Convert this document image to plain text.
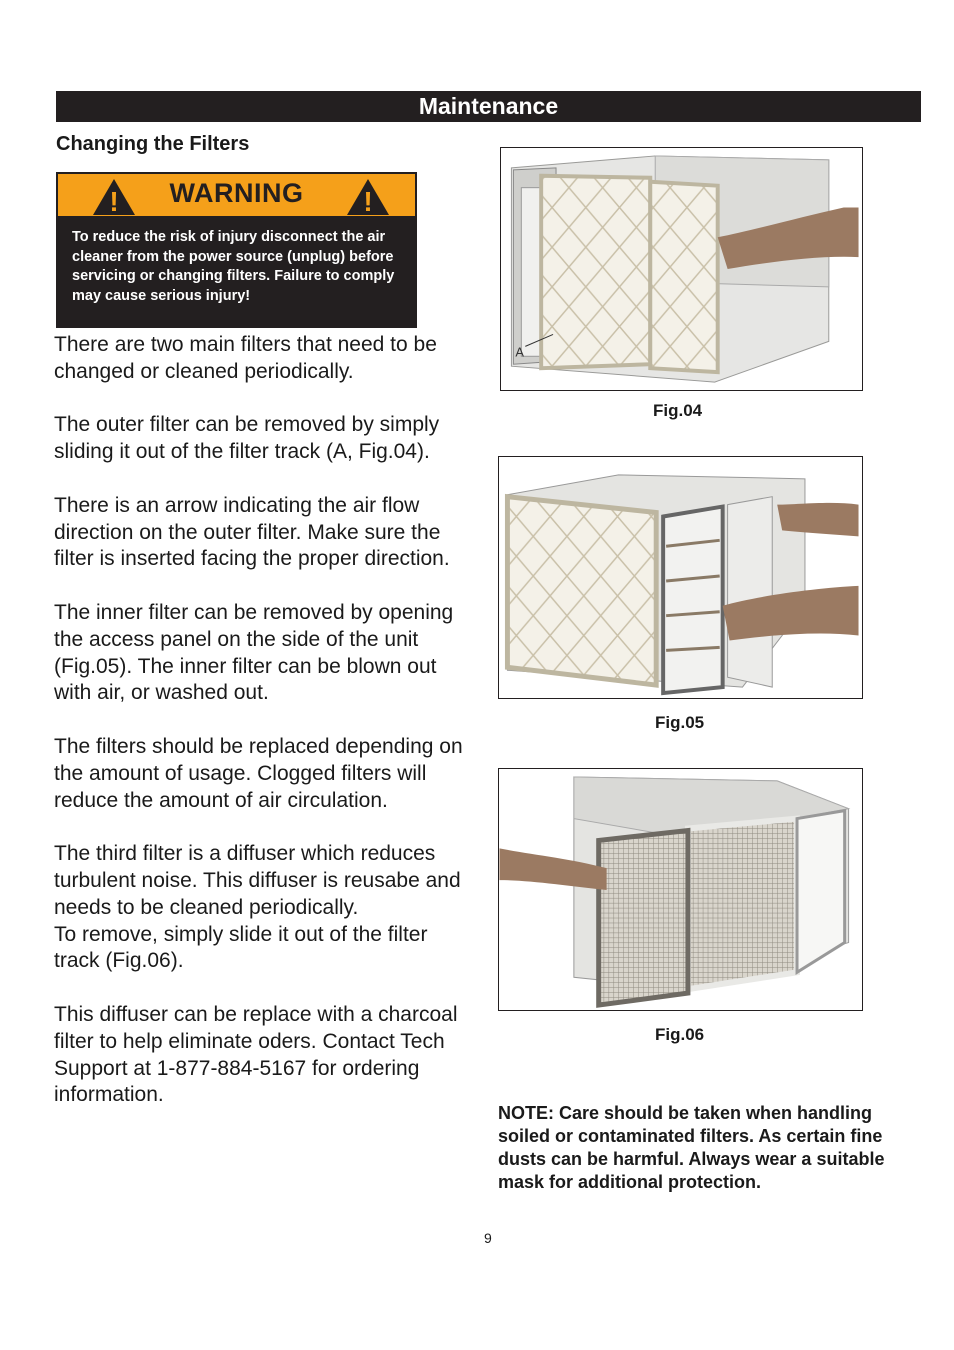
Maintenance
Changing the Filters
!	WARNING	!
To reduce the risk of injury disconnect the air cleaner from the power source (unplug) before servicing or changing filters. Failure to comply may cause serious injury!

There are two main filters that need to be changed or cleaned periodically.

The outer filter can be removed by simply sliding it out of the filter track (A, Fig.04).

There is an arrow indicating the air flow direction on the outer filter. Make sure the filter is inserted facing the proper direction.

The inner filter can be removed by opening the access panel on the side of the unit (Fig.05). The inner filter can be blown out with air, or washed out.

The filters should be replaced depending on the amount of usage. Clogged filters will reduce the amount of air circulation.

The third filter is a diffuser which reduces turbulent noise. This diffuser is reusabe and needs to be cleaned periodically.
To remove, simply slide it out of the filter track (Fig.06).

This diffuser can be replace with a charcoal filter to help eliminate oders. Contact Tech Support at 1-877-884-5167 for ordering information.

A
Fig.04
Fig.05
Fig.06
NOTE: Care should be taken when handling soiled or contaminated filters. As certain fine dusts can be harmful. Always wear a suitable mask for additional protection.
9
